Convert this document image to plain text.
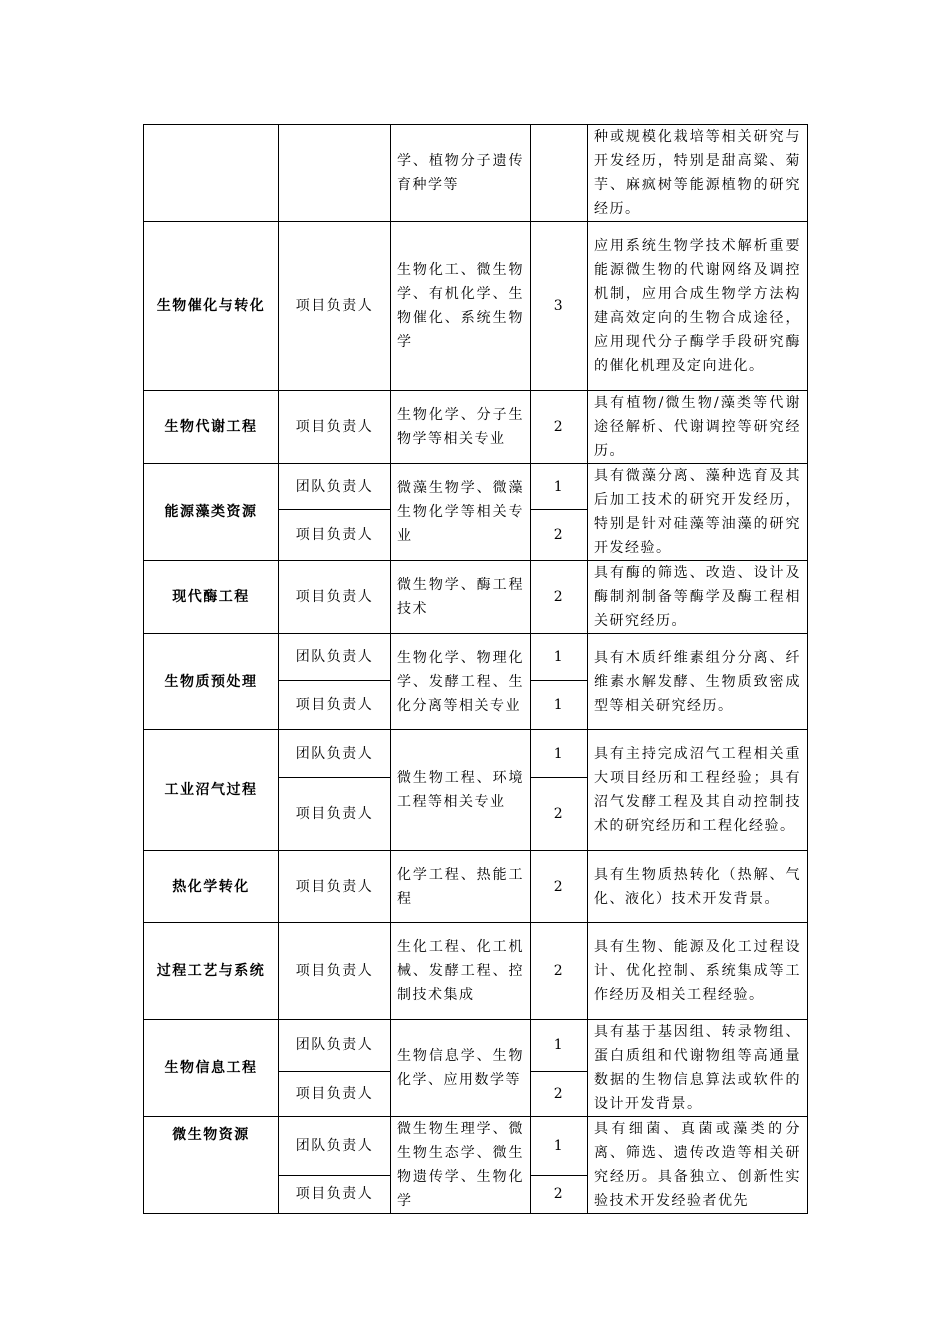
		学、植物分子遗传育种学等		种或规模化栽培等相关研究与开发经历，特别是甜高粱、菊芋、麻疯树等能源植物的研究经历。
生物催化与转化	项目负责人	生物化工、微生物学、有机化学、生物催化、系统生物学	3	应用系统生物学技术解析重要能源微生物的代谢网络及调控机制，应用合成生物学方法构建高效定向的生物合成途径，应用现代分子酶学手段研究酶的催化机理及定向进化。
生物代谢工程	项目负责人	生物化学、分子生物学等相关专业	2	具有植物/微生物/藻类等代谢途径解析、代谢调控等研究经历。
能源藻类资源	团队负责人	微藻生物学、微藻生物化学等相关专业	1	具有微藻分离、藻种选育及其后加工技术的研究开发经历，特别是针对硅藻等油藻的研究开发经验。
	项目负责人		2	
现代酶工程	项目负责人	微生物学、酶工程技术	2	具有酶的筛选、改造、设计及酶制剂制备等酶学及酶工程相关研究经历。
生物质预处理	团队负责人	生物化学、物理化学、发酵工程、生化分离等相关专业	1	具有木质纤维素组分分离、纤维素水解发酵、生物质致密成型等相关研究经历。
	项目负责人		1	
工业沼气过程	团队负责人	微生物工程、环境工程等相关专业	1	具有主持完成沼气工程相关重大项目经历和工程经验；具有沼气发酵工程及其自动控制技术的研究经历和工程化经验。
	项目负责人		2	
热化学转化	项目负责人	化学工程、热能工程	2	具有生物质热转化（热解、气化、液化）技术开发背景。
过程工艺与系统	项目负责人	生化工程、化工机械、发酵工程、控制技术集成	2	具有生物、能源及化工过程设计、优化控制、系统集成等工作经历及相关工程经验。
生物信息工程	团队负责人	生物信息学、生物化学、应用数学等	1	具有基于基因组、转录物组、蛋白质组和代谢物组等高通量数据的生物信息算法或软件的设计开发背景。
	项目负责人		2	
微生物资源	团队负责人	微生物生理学、微生物生态学、微生物遗传学、生物化学	1	具有细菌、真菌或藻类的分离、筛选、遗传改造等相关研究经历。具备独立、创新性实验技术开发经验者优先
	项目负责人		2	
